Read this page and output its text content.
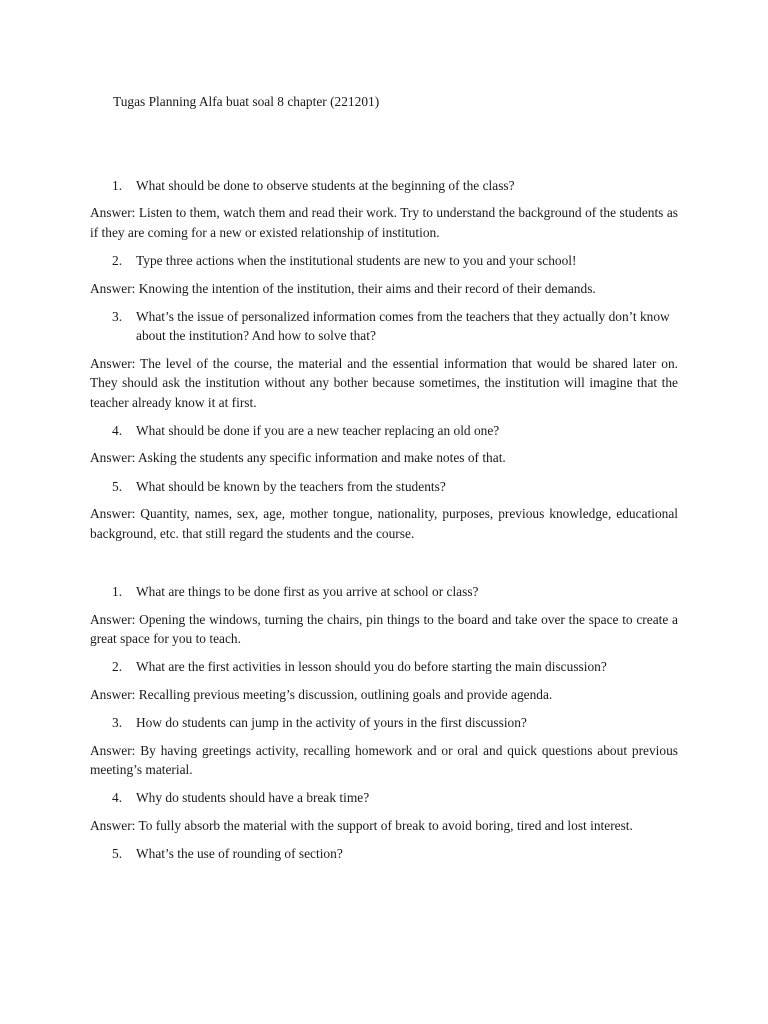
Tugas Planning Alfa buat soal 8 chapter (221201)
1.	What should be done to observe students at the beginning of the class?
Answer: Listen to them, watch them and read their work. Try to understand the background of the students as if they are coming for a new or existed relationship of institution.
2.	Type three actions when the institutional students are new to you and your school!
Answer: Knowing the intention of the institution, their aims and their record of their demands.
3.	What’s the issue of personalized information comes from the teachers that they actually don’t know about the institution? And how to solve that?
Answer: The level of the course, the material and the essential information that would be shared later on. They should ask the institution without any bother because sometimes, the institution will imagine that the teacher already know it at first.
4.	What should be done if you are a new teacher replacing an old one?
Answer: Asking the students any specific information and make notes of that.
5.	What should be known by the teachers from the students?
Answer: Quantity, names, sex, age, mother tongue, nationality, purposes, previous knowledge, educational background, etc. that still regard the students and the course.
1.	What are things to be done first as you arrive at school or class?
Answer: Opening the windows, turning the chairs, pin things to the board and take over the space to create a great space for you to teach.
2.	What are the first activities in lesson should you do before starting the main discussion?
Answer: Recalling previous meeting’s discussion, outlining goals and provide agenda.
3.	How do students can jump in the activity of yours in the first discussion?
Answer: By having greetings activity, recalling homework and or oral and quick questions about previous meeting’s material.
4.	Why do students should have a break time?
Answer: To fully absorb the material with the support of break to avoid boring, tired and lost interest.
5.	What’s the use of rounding of section?
